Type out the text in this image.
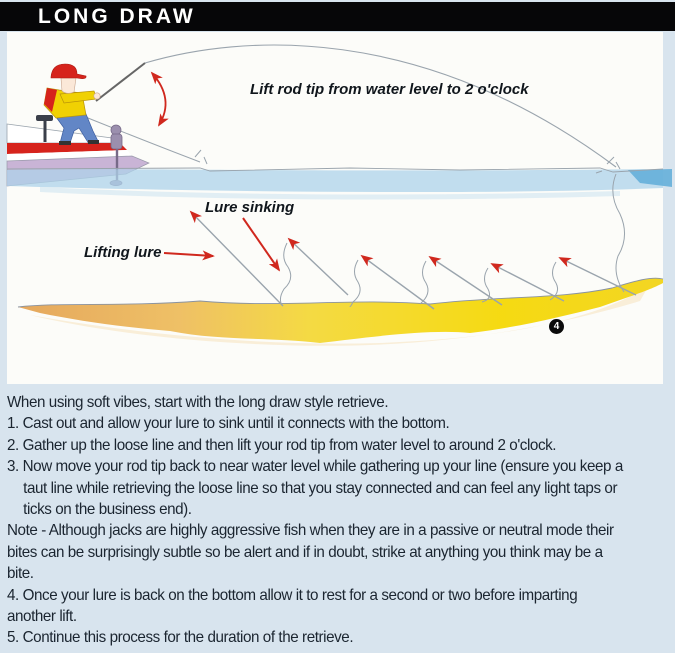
LONG DRAW
Lift rod tip from water level to 2 o'clock
Lure sinking
Lifting lure
4
When using soft vibes, start with the long draw style retrieve.
1. Cast out and allow your lure to sink until it connects with the bottom.
2. Gather up the loose line and then lift your rod tip from water level to around 2 o'clock.
3. Now move your rod tip back to near water level while gathering up your line (ensure you keep a
taut line while retrieving the loose line so that you stay connected and can feel any light taps or
ticks on the business end).
Note - Although jacks are highly aggressive fish when they are in a passive or neutral mode their
bites can be surprisingly subtle so be alert and if in doubt, strike at anything you think may be a
bite.
4. Once your lure is back on the bottom allow it to rest for a second or two before imparting
another lift.
5. Continue this process for the duration of the retrieve.
